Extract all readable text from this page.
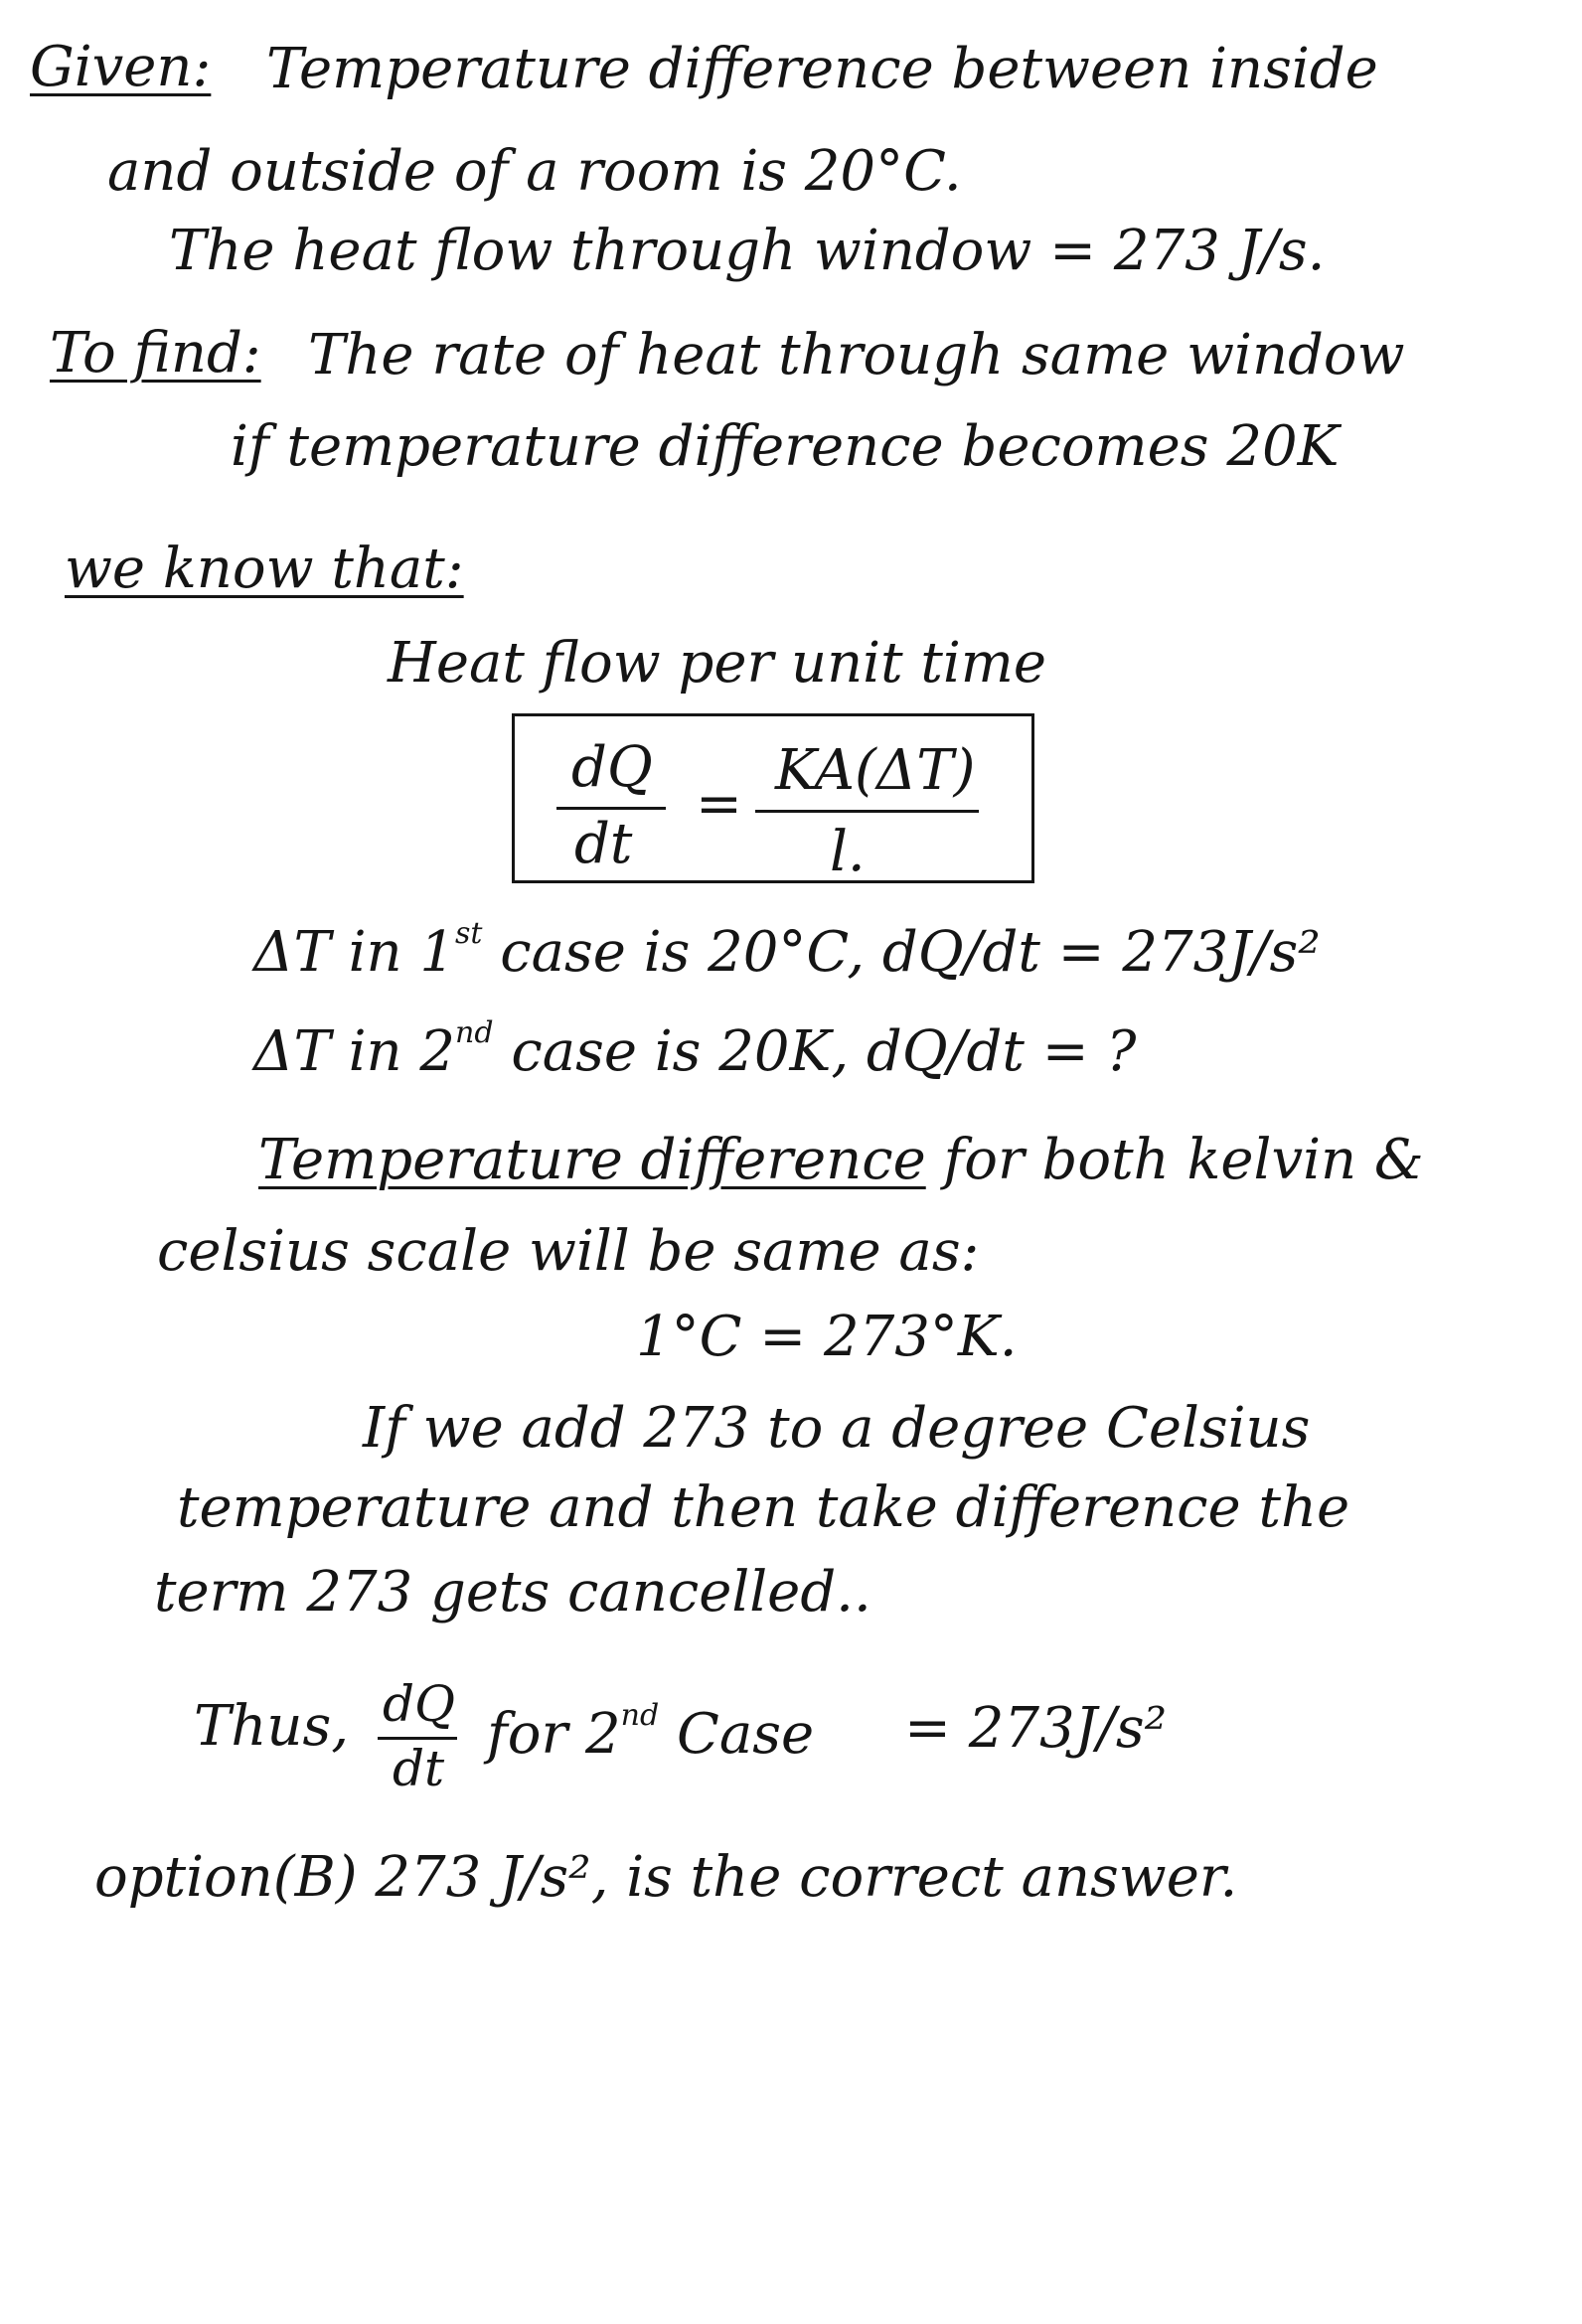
Given: Temperature difference between inside
and outside of a room is 20°C.
The heat flow through window = 273 J/s.
To find: The rate of heat through same window
if temperature difference becomes 20K
we know that:
Heat flow per unit time
dQ
dt
=
KA(ΔT)
l.
ΔT in 1st case is 20°C, dQ/dt = 273J/s²
ΔT in 2nd case is 20K, dQ/dt = ?
Temperature difference for both kelvin &
celsius scale will be same as:
1°C = 273°K.
If we add 273 to a degree Celsius
temperature and then take difference the
term 273 gets cancelled..
Thus, dQ
dt
for 2nd Case = 273J/s²
option(B) 273 J/s², is the correct answer.
